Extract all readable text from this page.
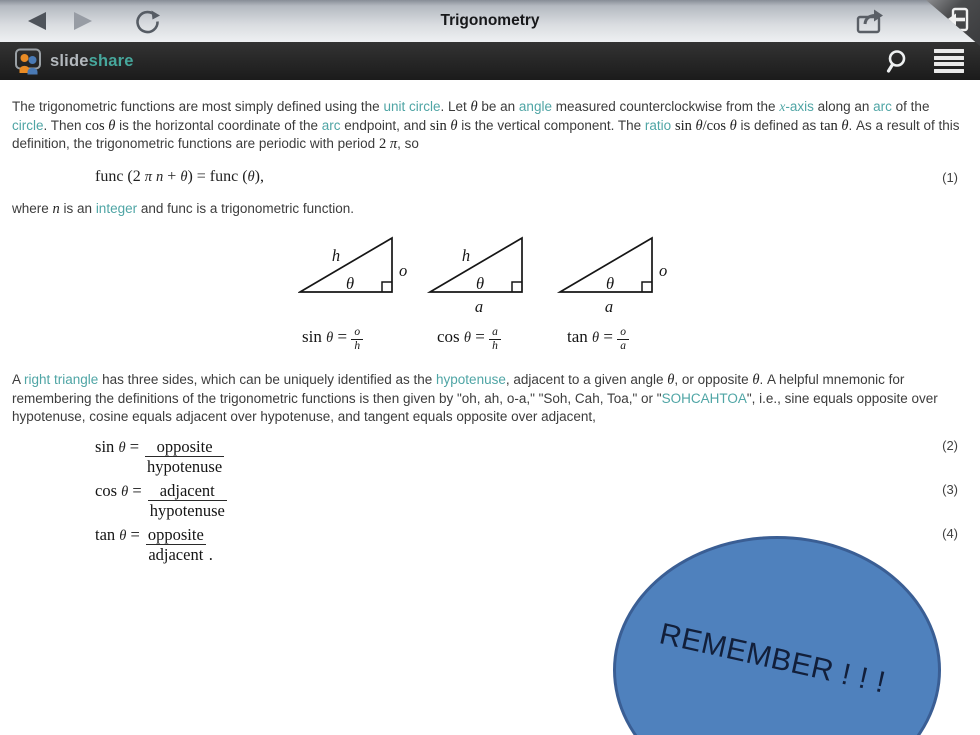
Trigonometry
slideshare

The trigonometric functions are most simply defined using the unit circle. Let θ be an angle measured counterclockwise from the x-axis along an arc of the circle. Then cos θ is the horizontal coordinate of the arc endpoint, and sin θ is the vertical component. The ratio sin θ/cos θ is defined as tan θ. As a result of this definition, the trigonometric functions are periodic with period 2 π, so

func (2 π n + θ) = func (θ),	(1)

where n is an integer and func is a trigonometric function.

h
θ
o
h
θ
a
θ
o
a
$\sin \theta = \frac{o}{h}$	$\cos \theta = \frac{a}{h}$	$\tan \theta = \frac{o}{a}$

A right triangle has three sides, which can be uniquely identified as the hypotenuse, adjacent to a given angle θ, or opposite θ. A helpful mnemonic for remembering the definitions of the trigonometric functions is then given by "oh, ah, o-a," "Soh, Cah, Toa," or "SOHCAHTOA", i.e., sine equals opposite over hypotenuse, cosine equals adjacent over hypotenuse, and tangent equals opposite over adjacent,

sin θ =	opposite
hypotenuse
(2)
cos θ =	adjacent
hypotenuse
(3)
tan θ = opposite
adjacent .
(4)
REMEMBER ! ! !
